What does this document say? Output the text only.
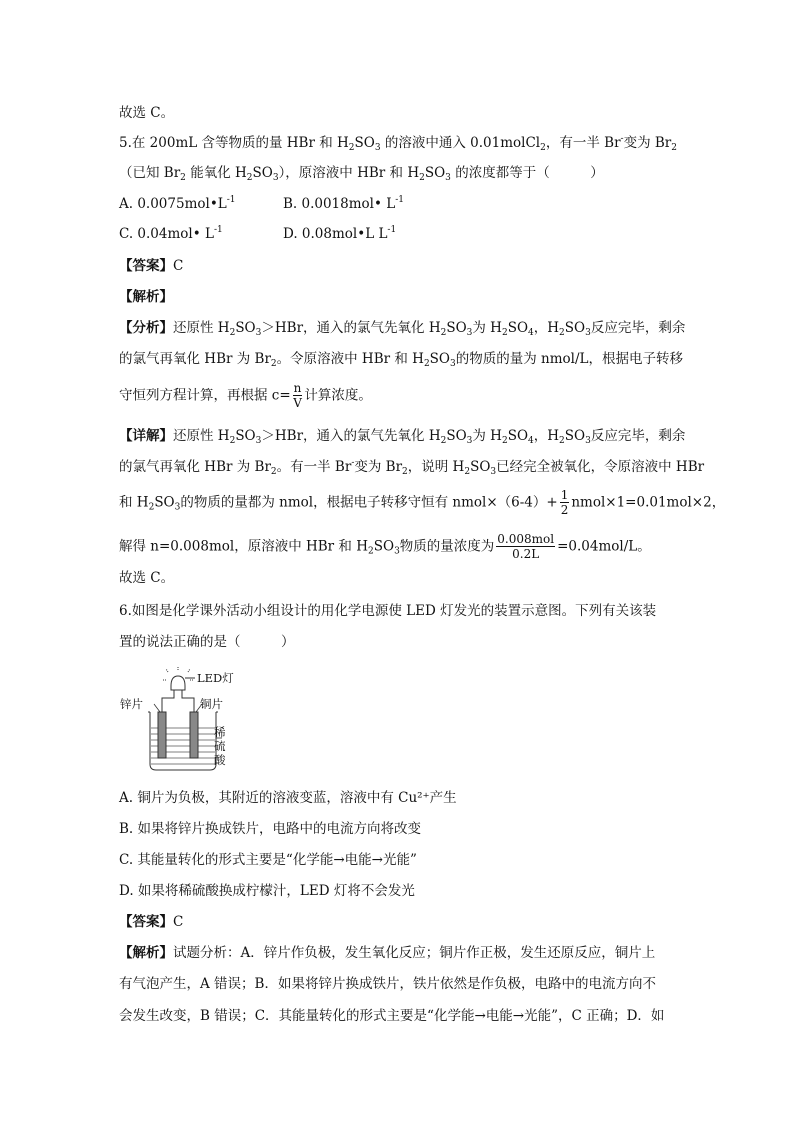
故选 C。
5.在 200mL 含等物质的量 HBr 和 $H_2SO_3$ 的溶液中通入 0.01molCl$_2$，有一半 Br-变为 $Br_2$
（已知 $Br_2$ 能氧化 $H_2SO_3$），原溶液中 HBr 和 $H_2SO_3$ 的浓度都等于（　　　）
A. $0.0075mol•L^{-1}$	B. 0.0018mol• $L^{-1}$
C. 0.04mol• $L^{-1}$	D. 0.08mol•L $L^{-1}$
【答案】C
【解析】
【分析】还原性 $H_2SO_3>HBr$，通入的氯气先氧化 $H_2SO_3$为 $H_2SO_4$，$H_2SO_3$反应完毕，剩余
的氯气再氧化 HBr 为 $Br_2$。令原溶液中 HBr 和 $H_2SO_3$的物质的量为 nmol/L，根据电子转移
守恒列方程计算，再根据 $c= \frac{n}{V}$ 计算浓度。
【详解】还原性 $H_2SO_3>HBr$，通入的氯气先氧化 $H_2SO_3$为 $H_2SO_4$，$H_2SO_3$反应完毕，剩余
的氯气再氧化 HBr 为 $Br_2$。有一半 Br-变为 $Br_2$，说明 $H_2SO_3$已经完全被氧化，令原溶液中 HBr
和 $H_2SO_3$的物质的量都为 nmol，根据电子转移守恒有 nmol×（6-4）+ $\frac{1}{2}$ nmol×1=0.01mol×2，
解得 n=0.008mol，原溶液中 HBr 和 $H_2SO_3$物质的量浓度为 $\frac{\text{0.008mol}}{0.2L} =0.04mol/L$。
故选 C。
6.如图是化学课外活动小组设计的用化学电源使 LED 灯发光的装置示意图。下列有关该装
置的说法正确的是（　　　）
LED灯
锌片	铜片
稀
硫
酸
A. 铜片为负极，其附近的溶液变蓝，溶液中有 Cu²⁺产生
B. 如果将锌片换成铁片，电路中的电流方向将改变
C. 其能量转化的形式主要是“化学能→电能→光能”
D. 如果将稀硫酸换成柠檬汁，LED 灯将不会发光
【答案】C
【解析】试题分析：A．锌片作负极，发生氧化反应；铜片作正极，发生还原反应，铜片上
有气泡产生，A 错误；B．如果将锌片换成铁片，铁片依然是作负极，电路中的电流方向不
会发生改变，B 错误；C．其能量转化的形式主要是“化学能→电能→光能”，C 正确；D．如
